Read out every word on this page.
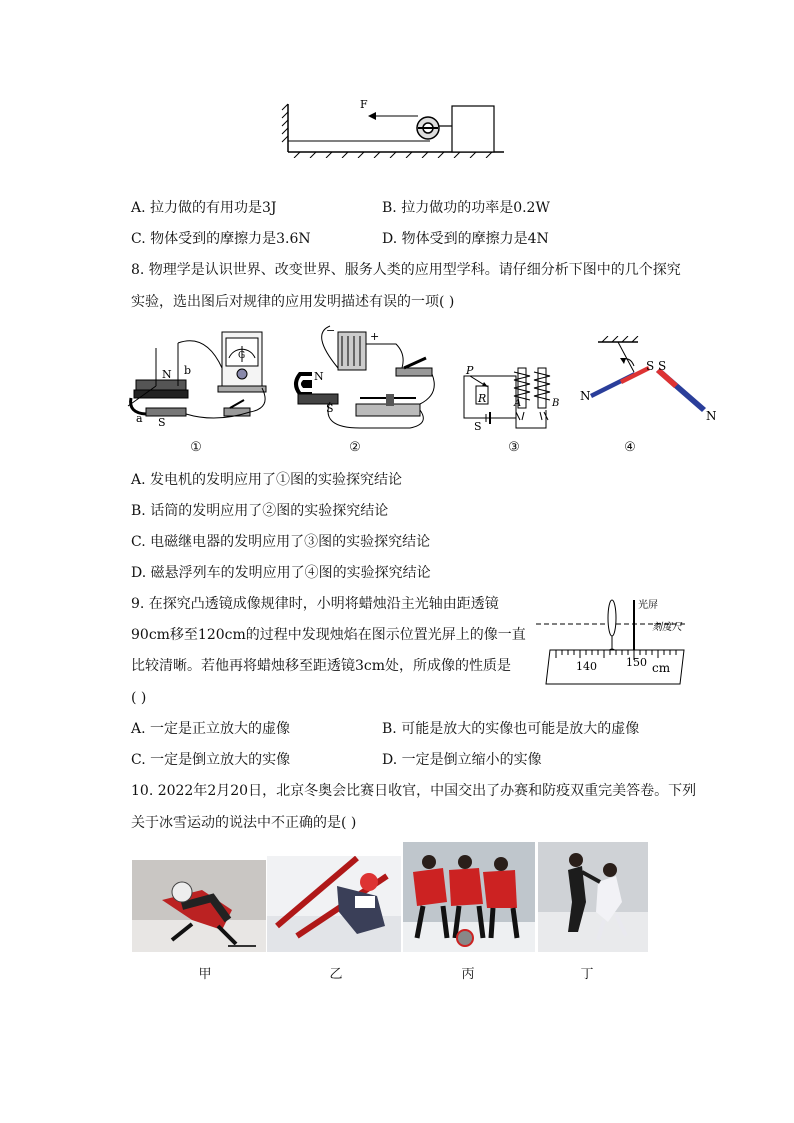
F
A. 拉力做的有用功是3J	B. 拉力做功的功率是0.2W
C. 物体受到的摩擦力是3.6N	D. 物体受到的摩擦力是4N
8. 物理学是认识世界、改变世界、服务人类的应用型学科。请仔细分析下图中的几个探究
实验，选出图后对规律的应用发明描述有误的一项( )
N b
a S
G
①
−	+
N
S
②
P
R
S
A	B
③
N
S S
N
④
A. 发电机的发明应用了①图的实验探究结论
B. 话筒的发明应用了②图的实验探究结论
C. 电磁继电器的发明应用了③图的实验探究结论
D. 磁悬浮列车的发明应用了④图的实验探究结论
9. 在探究凸透镜成像规律时，小明将蜡烛沿主光轴由距透镜
90cm移至120cm的过程中发现烛焰在图示位置光屏上的像一直
比较清晰。若他再将蜡烛移至距透镜3cm处，所成像的性质是
( )
光屏
刻度尺
140	150 cm
A. 一定是正立放大的虚像	B. 可能是放大的实像也可能是放大的虚像
C. 一定是倒立放大的实像	D. 一定是倒立缩小的实像
10. 2022年2月20日，北京冬奥会比赛日收官，中国交出了办赛和防疫双重完美答卷。下列
关于冰雪运动的说法中不正确的是( )
甲	乙	丙	丁
